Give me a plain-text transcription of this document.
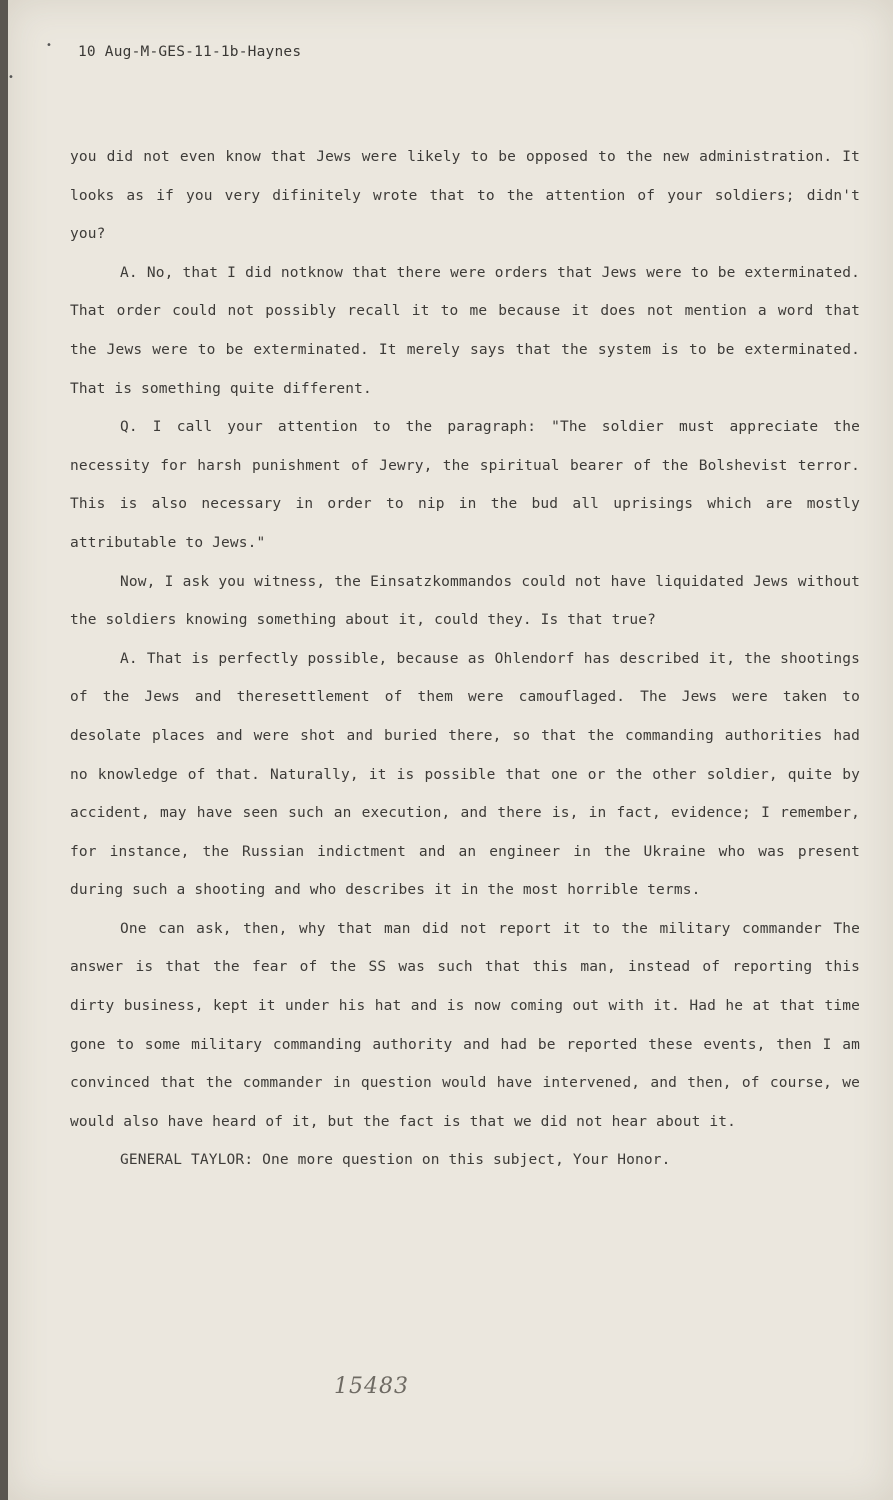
•
•
10 Aug-M-GES-11-1b-Haynes

you did not even know that Jews were likely to be opposed to the new administration. It looks as if you very difinitely wrote that to the attention of your soldiers; didn't you?

A. No, that I did notknow that there were orders that Jews were to be exterminated. That order could not possibly recall it to me because it does not mention a word that the Jews were to be exterminated. It merely says that the system is to be exterminated. That is something quite different.

Q. I call your attention to the paragraph: "The soldier must appreciate the necessity for harsh punishment of Jewry, the spiritual bearer of the Bolshevist terror. This is also necessary in order to nip in the bud all uprisings which are mostly attributable to Jews."

Now, I ask you witness, the Einsatzkommandos could not have liquidated Jews without the soldiers knowing something about it, could they. Is that true?

A. That is perfectly possible, because as Ohlendorf has described it, the shootings of the Jews and theresettlement of them were camouflaged. The Jews were taken to desolate places and were shot and buried there, so that the commanding authorities had no knowledge of that. Naturally, it is possible that one or the other soldier, quite by accident, may have seen such an execution, and there is, in fact, evidence; I remember, for instance, the Russian indictment and an engineer in the Ukraine who was present during such a shooting and who describes it in the most horrible terms.

One can ask, then, why that man did not report it to the military commander The answer is that the fear of the SS was such that this man, instead of reporting this dirty business, kept it under his hat and is now coming out with it. Had he at that time gone to some military commanding authority and had be reported these events, then I am convinced that the commander in question would have intervened, and then, of course, we would also have heard of it, but the fact is that we did not hear about it.

GENERAL TAYLOR: One more question on this subject, Your Honor.

15483
